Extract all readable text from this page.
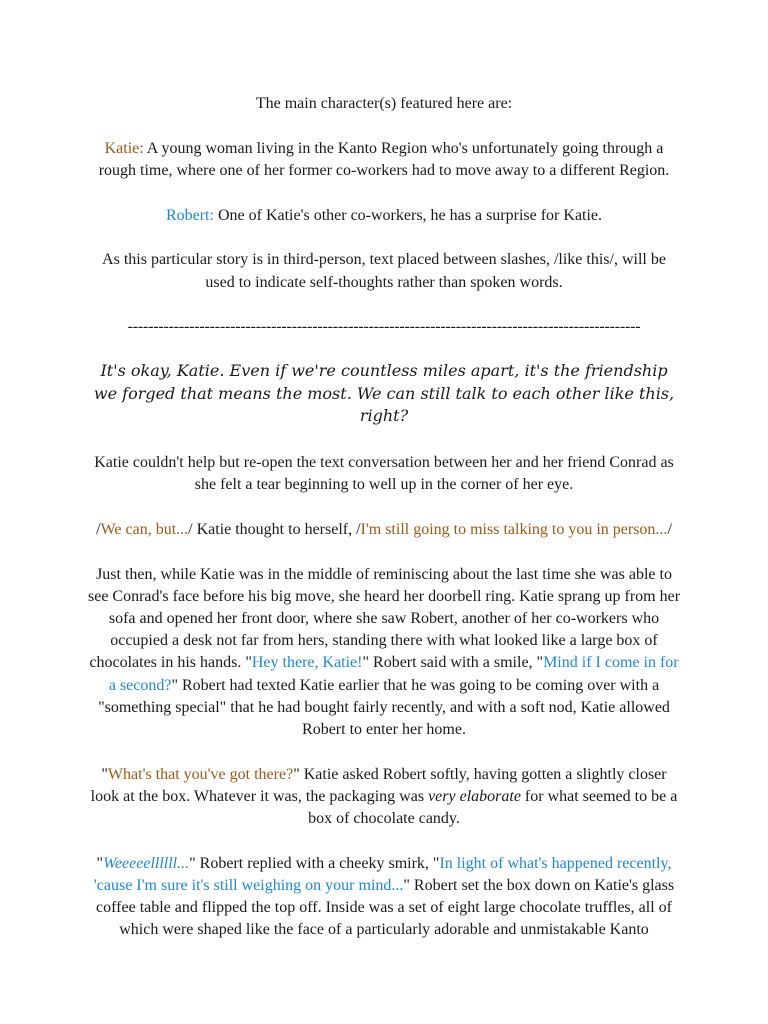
The main character(s) featured here are:

Katie: A young woman living in the Kanto Region who's unfortunately going through a rough time, where one of her former co-workers had to move away to a different Region.

Robert: One of Katie's other co-workers, he has a surprise for Katie.

As this particular story is in third-person, text placed between slashes, /like this/, will be used to indicate self-thoughts rather than spoken words.

----------------------------------------------------------------------------------------------------

It's okay, Katie. Even if we're countless miles apart, it's the friendship we forged that means the most. We can still talk to each other like this, right?

Katie couldn't help but re-open the text conversation between her and her friend Conrad as she felt a tear beginning to well up in the corner of her eye.

/We can, but.../ Katie thought to herself, /I'm still going to miss talking to you in person.../

Just then, while Katie was in the middle of reminiscing about the last time she was able to see Conrad's face before his big move, she heard her doorbell ring. Katie sprang up from her sofa and opened her front door, where she saw Robert, another of her co-workers who occupied a desk not far from hers, standing there with what looked like a large box of chocolates in his hands. "Hey there, Katie!" Robert said with a smile, "Mind if I come in for a second?" Robert had texted Katie earlier that he was going to be coming over with a "something special" that he had bought fairly recently, and with a soft nod, Katie allowed Robert to enter her home.

"What's that you've got there?" Katie asked Robert softly, having gotten a slightly closer look at the box. Whatever it was, the packaging was very elaborate for what seemed to be a box of chocolate candy.

"Weeeeellllll..." Robert replied with a cheeky smirk, "In light of what's happened recently, 'cause I'm sure it's still weighing on your mind..." Robert set the box down on Katie's glass coffee table and flipped the top off. Inside was a set of eight large chocolate truffles, all of which were shaped like the face of a particularly adorable and unmistakable Kanto
